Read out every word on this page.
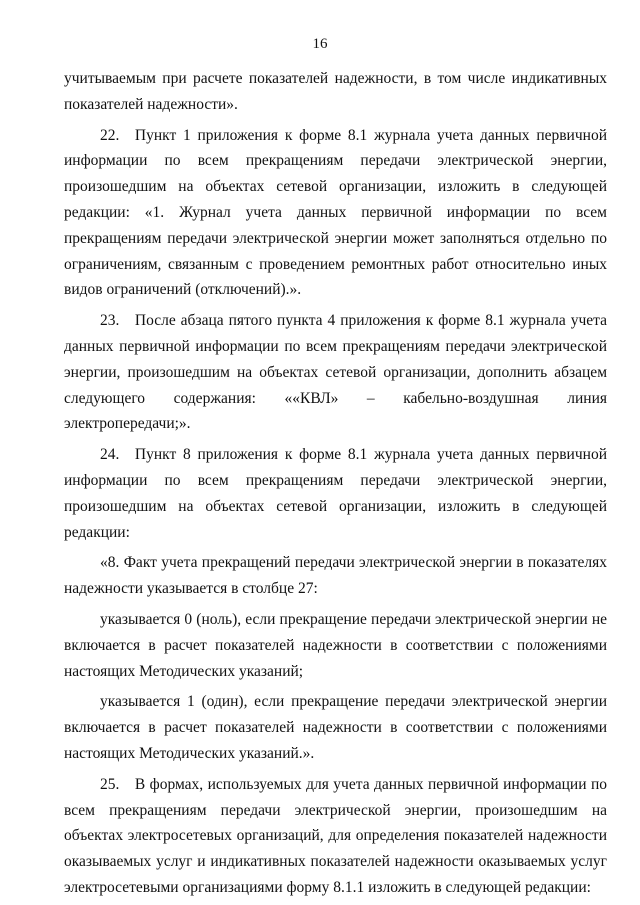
16

учитываемым при расчете показателей надежности, в том числе индикативных показателей надежности».

22. Пункт 1 приложения к форме 8.1 журнала учета данных первичной информации по всем прекращениям передачи электрической энергии, произошедшим на объектах сетевой организации, изложить в следующей редакции: «1. Журнал учета данных первичной информации по всем прекращениям передачи электрической энергии может заполняться отдельно по ограничениям, связанным с проведением ремонтных работ относительно иных видов ограничений (отключений).».

23. После абзаца пятого пункта 4 приложения к форме 8.1 журнала учета данных первичной информации по всем прекращениям передачи электрической энергии, произошедшим на объектах сетевой организации, дополнить абзацем следующего содержания: ««КВЛ» – кабельно-воздушная линия электропередачи;».

24. Пункт 8 приложения к форме 8.1 журнала учета данных первичной информации по всем прекращениям передачи электрической энергии, произошедшим на объектах сетевой организации, изложить в следующей редакции:

«8. Факт учета прекращений передачи электрической энергии в показателях надежности указывается в столбце 27:

указывается 0 (ноль), если прекращение передачи электрической энергии не включается в расчет показателей надежности в соответствии с положениями настоящих Методических указаний;

указывается 1 (один), если прекращение передачи электрической энергии включается в расчет показателей надежности в соответствии с положениями настоящих Методических указаний.».

25. В формах, используемых для учета данных первичной информации по всем прекращениям передачи электрической энергии, произошедшим на объектах электросетевых организаций, для определения показателей надежности оказываемых услуг и индикативных показателей надежности оказываемых услуг электросетевыми организациями форму 8.1.1 изложить в следующей редакции:
